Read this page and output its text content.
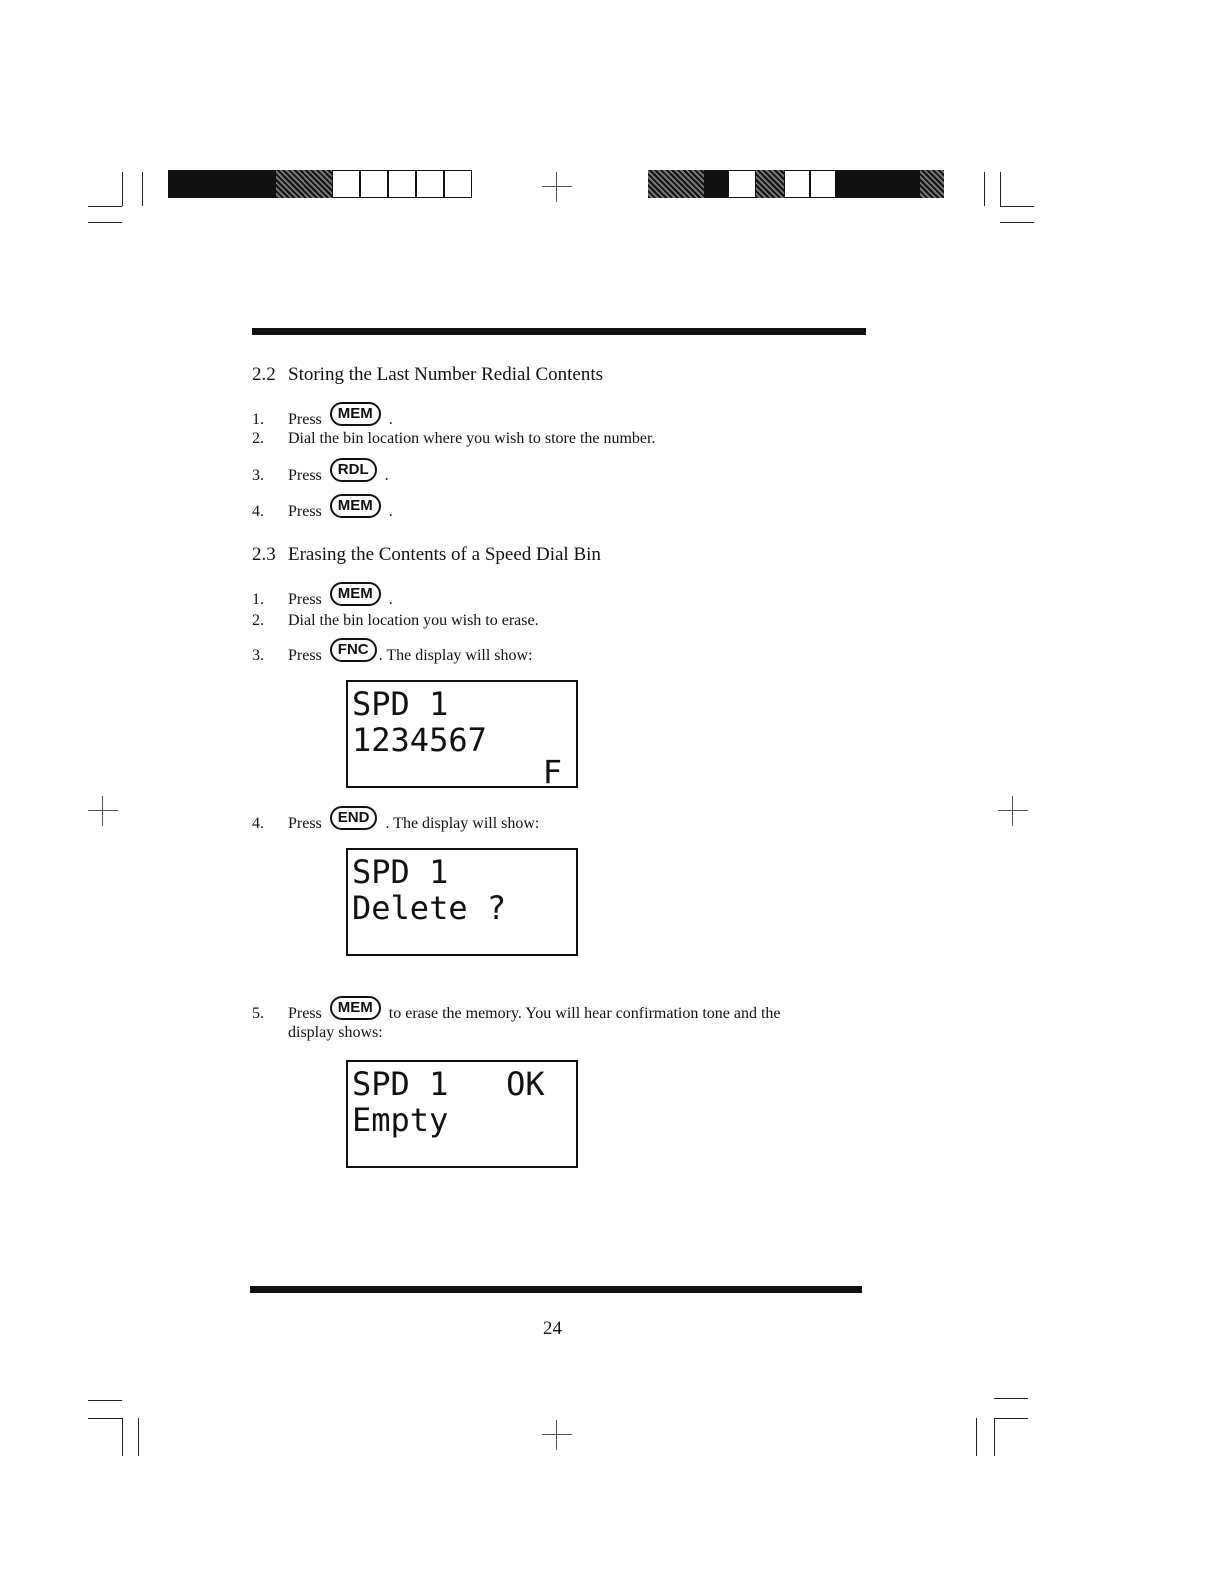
2.2 Storing the Last Number Redial Contents
1. Press MEM .
2. Dial the bin location where you wish to store the number.
3. Press RDL .
4. Press MEM .
2.3 Erasing the Contents of a Speed Dial Bin
1. Press MEM .
2. Dial the bin location you wish to erase.
3. Press FNC . The display will show:
SPD 1
1234567
F
4. Press END . The display will show:
SPD 1
Delete ?
5. Press MEM to erase the memory. You will hear confirmation tone and the
display shows:
SPD 1   OK
Empty
24
